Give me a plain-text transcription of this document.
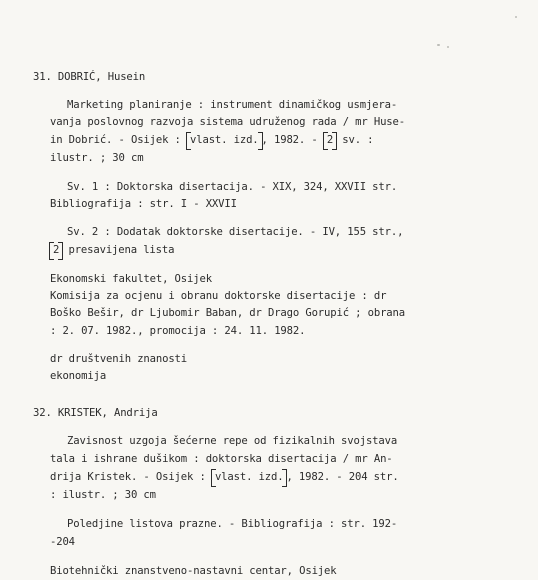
31. DOBRIĆ, Husein
Marketing planiranje : instrument dinamičkog usmjera-
vanja poslovnog razvoja sistema udruženog rada / mr Huse-
in Dobrić. - Osijek : vlast. izd. , 1982. - 2 sv. :
ilustr. ; 30 cm
Sv. 1 : Doktorska disertacija. - XIX, 324, XXVII str.
Bibliografija : str. I - XXVII
Sv. 2 : Dodatak doktorske disertacije. - IV, 155 str.,
2 presavijena lista
Ekonomski fakultet, Osijek
Komisija za ocjenu i obranu doktorske disertacije : dr
Boško Bešir, dr Ljubomir Baban, dr Drago Gorupić ; obrana
: 2. 07. 1982., promocija : 24. 11. 1982.
dr društvenih znanosti
ekonomija
32. KRISTEK, Andrija
Zavisnost uzgoja šećerne repe od fizikalnih svojstava
tala i ishrane dušikom : doktorska disertacija / mr An-
drija Kristek. - Osijek : vlast. izd. , 1982. - 204 str.
: ilustr. ; 30 cm
Poledjine listova prazne. - Bibliografija : str. 192-
-204
Biotehnički znanstveno-nastavni centar, Osijek
